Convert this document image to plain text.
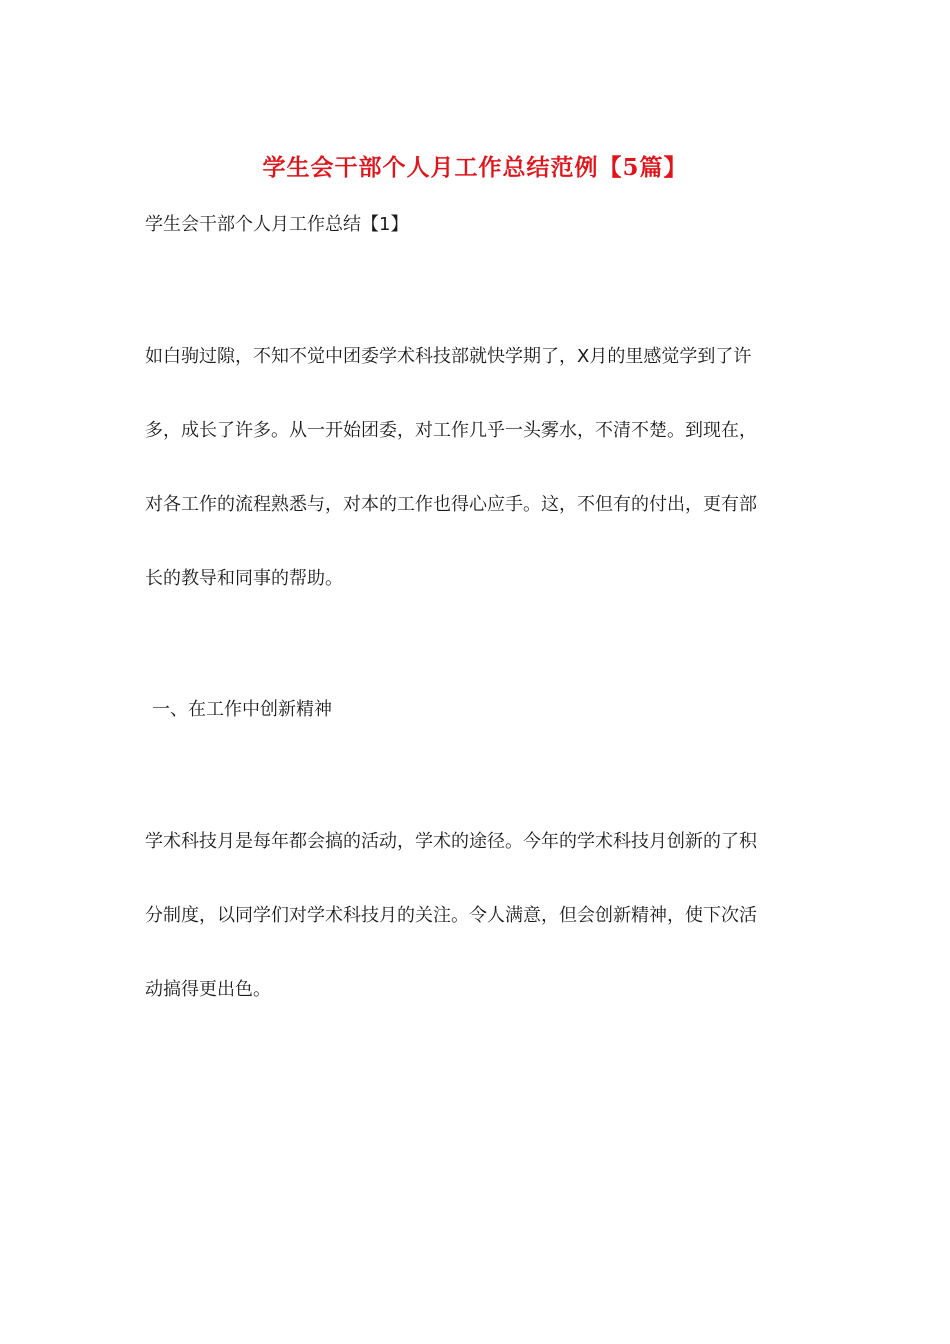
学生会干部个人月工作总结范例【5篇】
学生会干部个人月工作总结【1】
如白驹过隙，不知不觉中团委学术科技部就快学期了，X月的里感觉学到了许
多，成长了许多。从一开始团委，对工作几乎一头雾水，不清不楚。到现在，
对各工作的流程熟悉与，对本的工作也得心应手。这，不但有的付出，更有部
长的教导和同事的帮助。
一、在工作中创新精神
学术科技月是每年都会搞的活动，学术的途径。今年的学术科技月创新的了积
分制度，以同学们对学术科技月的关注。令人满意，但会创新精神，使下次活
动搞得更出色。
